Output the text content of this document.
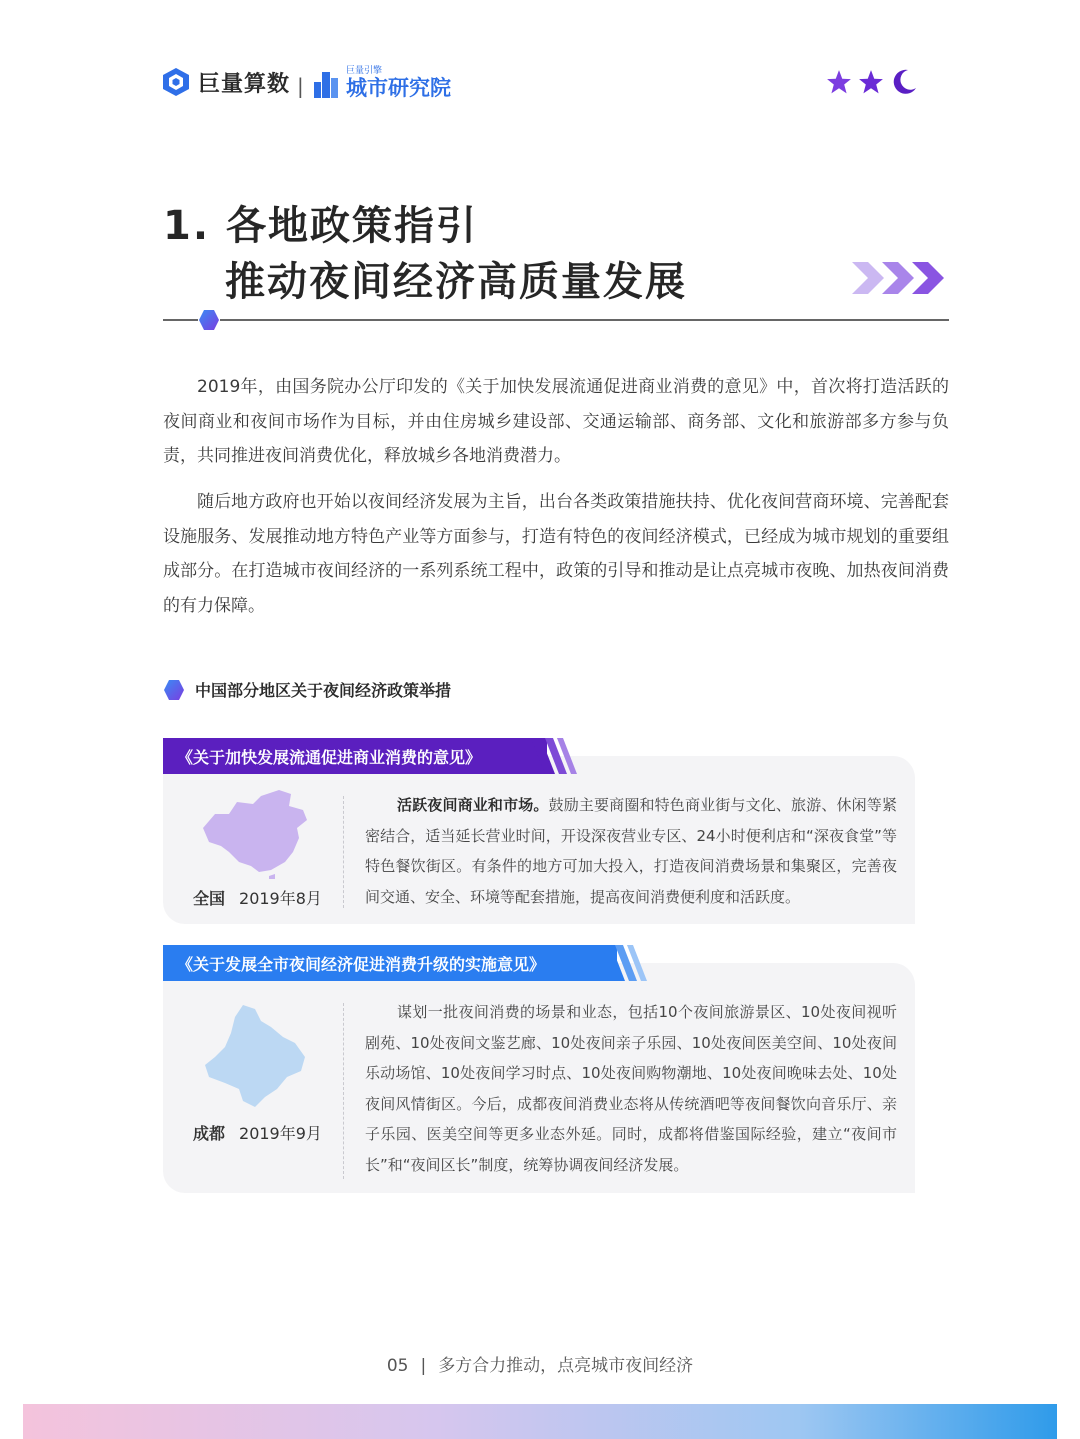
巨量算数 |
巨量引擎
城市研究院
1. 各地政策指引
推动夜间经济高质量发展

2019年，由国务院办公厅印发的《关于加快发展流通促进商业消费的意见》中，首次将打造活跃的夜间商业和夜间市场作为目标，并由住房城乡建设部、交通运输部、商务部、文化和旅游部多方参与负责，共同推进夜间消费优化，释放城乡各地消费潜力。

随后地方政府也开始以夜间经济发展为主旨，出台各类政策措施扶持、优化夜间营商环境、完善配套设施服务、发展推动地方特色产业等方面参与，打造有特色的夜间经济模式，已经成为城市规划的重要组成部分。在打造城市夜间经济的一系列系统工程中，政策的引导和推动是让点亮城市夜晚、加热夜间消费的有力保障。

中国部分地区关于夜间经济政策举措
《关于加快发展流通促进商业消费的意见》
全国 2019年8月

活跃夜间商业和市场。鼓励主要商圈和特色商业街与文化、旅游、休闲等紧密结合，适当延长营业时间，开设深夜营业专区、24小时便利店和“深夜食堂”等特色餐饮街区。有条件的地方可加大投入，打造夜间消费场景和集聚区，完善夜间交通、安全、环境等配套措施，提高夜间消费便利度和活跃度。

《关于发展全市夜间经济促进消费升级的实施意见》
成都 2019年9月

谋划一批夜间消费的场景和业态，包括10个夜间旅游景区、10处夜间视听剧苑、10处夜间文鉴艺廊、10处夜间亲子乐园、10处夜间医美空间、10处夜间乐动场馆、10处夜间学习时点、10处夜间购物潮地、10处夜间晚味去处、10处夜间风情街区。今后，成都夜间消费业态将从传统酒吧等夜间餐饮向音乐厅、亲子乐园、医美空间等更多业态外延。同时，成都将借鉴国际经验，建立“夜间市长”和“夜间区长”制度，统筹协调夜间经济发展。

05 | 多方合力推动，点亮城市夜间经济
